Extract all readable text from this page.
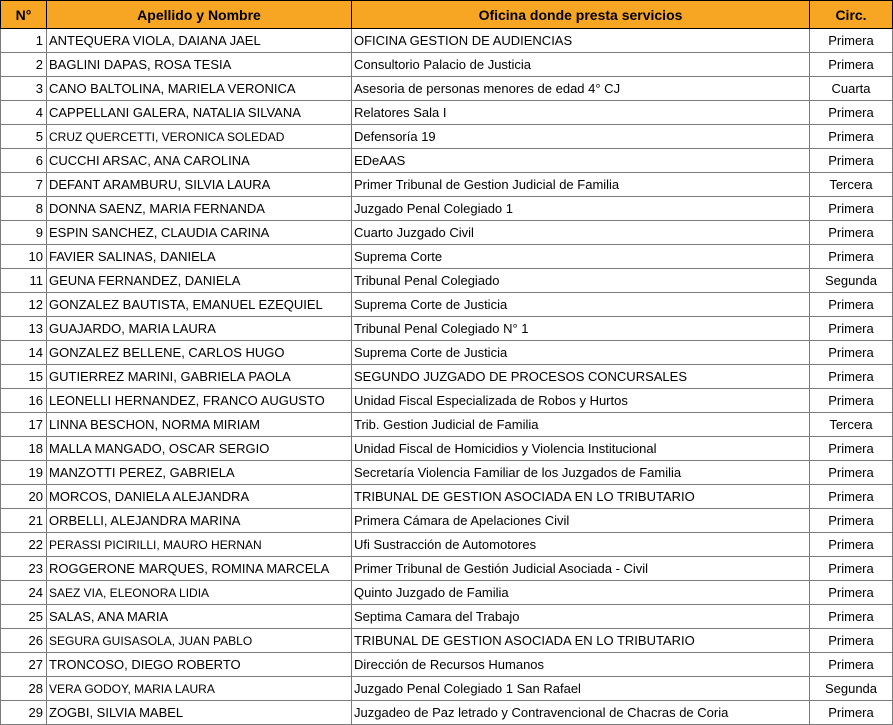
N°	Apellido y Nombre	Oficina donde presta servicios	Circ.
1	ANTEQUERA VIOLA, DAIANA JAEL	OFICINA GESTION DE AUDIENCIAS	Primera
2	BAGLINI DAPAS, ROSA TESIA	Consultorio Palacio de Justicia	Primera
3	CANO BALTOLINA, MARIELA VERONICA	Asesoria de personas menores de edad 4° CJ	Cuarta
4	CAPPELLANI GALERA, NATALIA SILVANA	Relatores Sala I	Primera
5	CRUZ QUERCETTI, VERONICA SOLEDAD	Defensoría 19	Primera
6	CUCCHI ARSAC, ANA CAROLINA	EDeAAS	Primera
7	DEFANT ARAMBURU, SILVIA LAURA	Primer Tribunal de Gestion Judicial de Familia	Tercera
8	DONNA SAENZ, MARIA FERNANDA	Juzgado Penal Colegiado 1	Primera
9	ESPIN SANCHEZ, CLAUDIA CARINA	Cuarto Juzgado Civil	Primera
10	FAVIER SALINAS, DANIELA	Suprema Corte	Primera
11	GEUNA FERNANDEZ, DANIELA	Tribunal Penal Colegiado	Segunda
12	GONZALEZ BAUTISTA, EMANUEL EZEQUIEL	Suprema Corte de Justicia	Primera
13	GUAJARDO, MARIA LAURA	Tribunal Penal Colegiado N° 1	Primera
14	GONZALEZ BELLENE, CARLOS HUGO	Suprema Corte de Justicia	Primera
15	GUTIERREZ MARINI, GABRIELA PAOLA	SEGUNDO JUZGADO DE PROCESOS CONCURSALES	Primera
16	LEONELLI HERNANDEZ, FRANCO AUGUSTO	Unidad Fiscal Especializada de Robos y Hurtos	Primera
17	LINNA BESCHON, NORMA MIRIAM	Trib. Gestion Judicial de Familia	Tercera
18	MALLA MANGADO, OSCAR SERGIO	Unidad Fiscal de Homicidios y Violencia Institucional	Primera
19	MANZOTTI PEREZ, GABRIELA	Secretaría Violencia Familiar de los Juzgados de Familia	Primera
20	MORCOS, DANIELA ALEJANDRA	TRIBUNAL DE GESTION ASOCIADA EN LO TRIBUTARIO	Primera
21	ORBELLI, ALEJANDRA MARINA	Primera Cámara de Apelaciones Civil	Primera
22	PERASSI PICIRILLI, MAURO HERNAN	Ufi Sustracción de Automotores	Primera
23	ROGGERONE MARQUES, ROMINA MARCELA	Primer Tribunal de Gestión Judicial Asociada - Civil	Primera
24	SAEZ VIA, ELEONORA LIDIA	Quinto Juzgado de Familia	Primera
25	SALAS, ANA MARIA	Septima Camara del Trabajo	Primera
26	SEGURA GUISASOLA, JUAN PABLO	TRIBUNAL DE GESTION ASOCIADA EN LO TRIBUTARIO	Primera
27	TRONCOSO, DIEGO ROBERTO	Dirección de Recursos Humanos	Primera
28	VERA GODOY, MARIA LAURA	Juzgado Penal Colegiado 1 San Rafael	Segunda
29	ZOGBI, SILVIA MABEL	Juzgadeo de Paz letrado y Contravencional de Chacras de Coria	Primera
